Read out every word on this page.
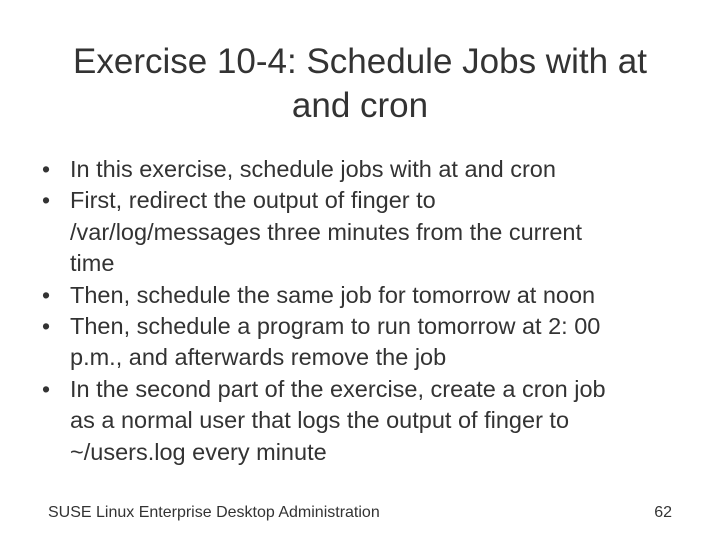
Exercise 10-4: Schedule Jobs with at
and cron
• In this exercise, schedule jobs with at and cron
• First, redirect the output of finger to
/var/log/messages three minutes from the current
time
• Then, schedule the same job for tomorrow at noon
• Then, schedule a program to run tomorrow at 2: 00
p.m., and afterwards remove the job
• In the second part of the exercise, create a cron job
as a normal user that logs the output of finger to
~/users.log every minute
SUSE Linux Enterprise Desktop Administration	62
